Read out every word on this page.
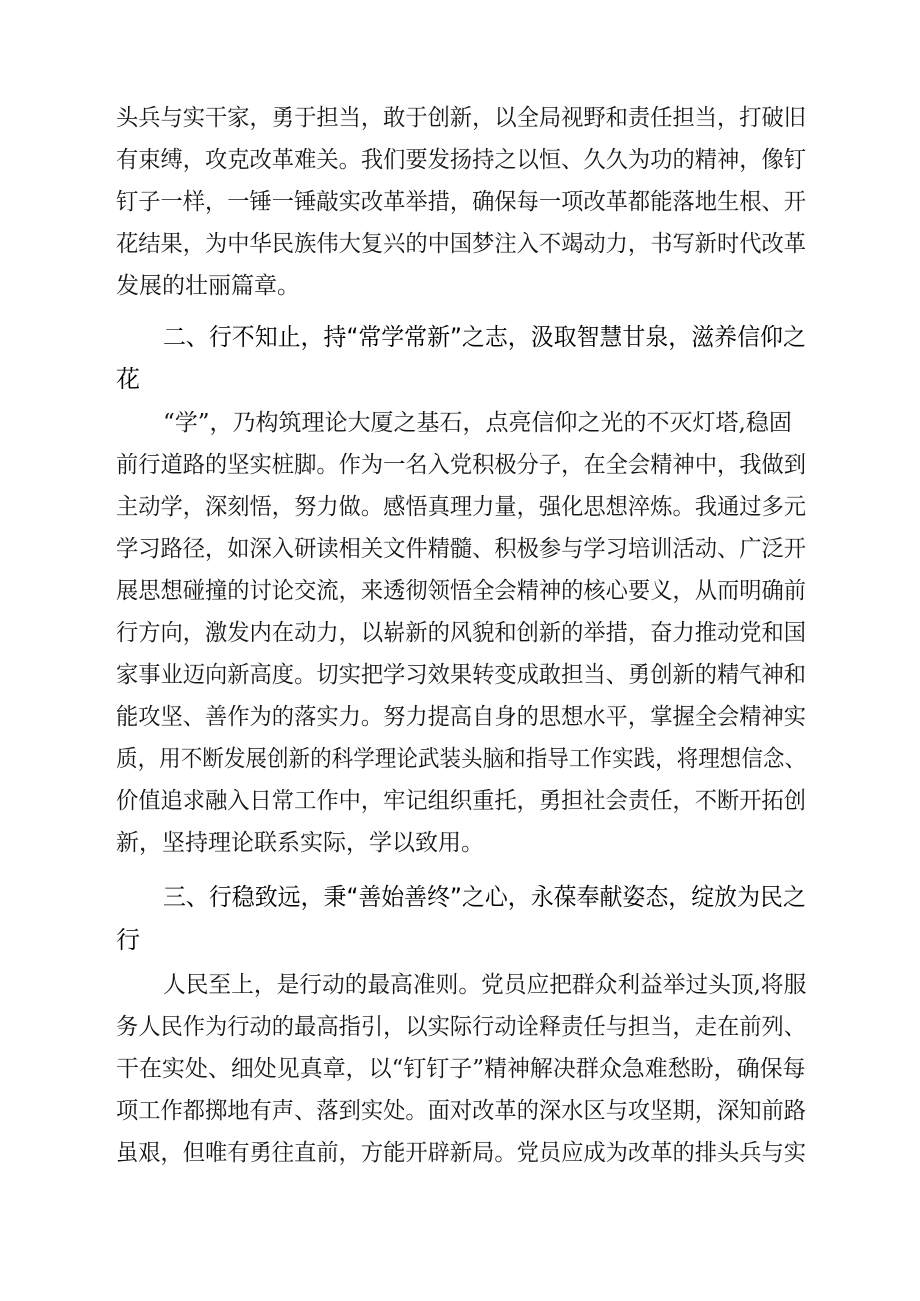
头兵与实干家，勇于担当，敢于创新，以全局视野和责任担当，打破旧
有束缚，攻克改革难关。我们要发扬持之以恒、久久为功的精神，像钉
钉子一样，一锤一锤敲实改革举措，确保每一项改革都能落地生根、开
花结果，为中华民族伟大复兴的中国梦注入不竭动力，书写新时代改革
发展的壮丽篇章。
二、行不知止，持“常学常新”之志，汲取智慧甘泉，滋养信仰之
花
“学”，乃构筑理论大厦之基石，点亮信仰之光的不灭灯塔,稳固
前行道路的坚实桩脚。作为一名入党积极分子，在全会精神中，我做到
主动学，深刻悟，努力做。感悟真理力量，强化思想淬炼。我通过多元
学习路径，如深入研读相关文件精髓、积极参与学习培训活动、广泛开
展思想碰撞的讨论交流，来透彻领悟全会精神的核心要义，从而明确前
行方向，激发内在动力，以崭新的风貌和创新的举措，奋力推动党和国
家事业迈向新高度。切实把学习效果转变成敢担当、勇创新的精气神和
能攻坚、善作为的落实力。努力提高自身的思想水平，掌握全会精神实
质，用不断发展创新的科学理论武装头脑和指导工作实践，将理想信念、
价值追求融入日常工作中，牢记组织重托，勇担社会责任，不断开拓创
新，坚持理论联系实际，学以致用。
三、行稳致远，秉“善始善终”之心，永葆奉献姿态，绽放为民之
行
人民至上，是行动的最高准则。党员应把群众利益举过头顶,将服
务人民作为行动的最高指引，以实际行动诠释责任与担当，走在前列、
干在实处、细处见真章，以“钉钉子”精神解决群众急难愁盼，确保每
项工作都掷地有声、落到实处。面对改革的深水区与攻坚期，深知前路
虽艰，但唯有勇往直前，方能开辟新局。党员应成为改革的排头兵与实
